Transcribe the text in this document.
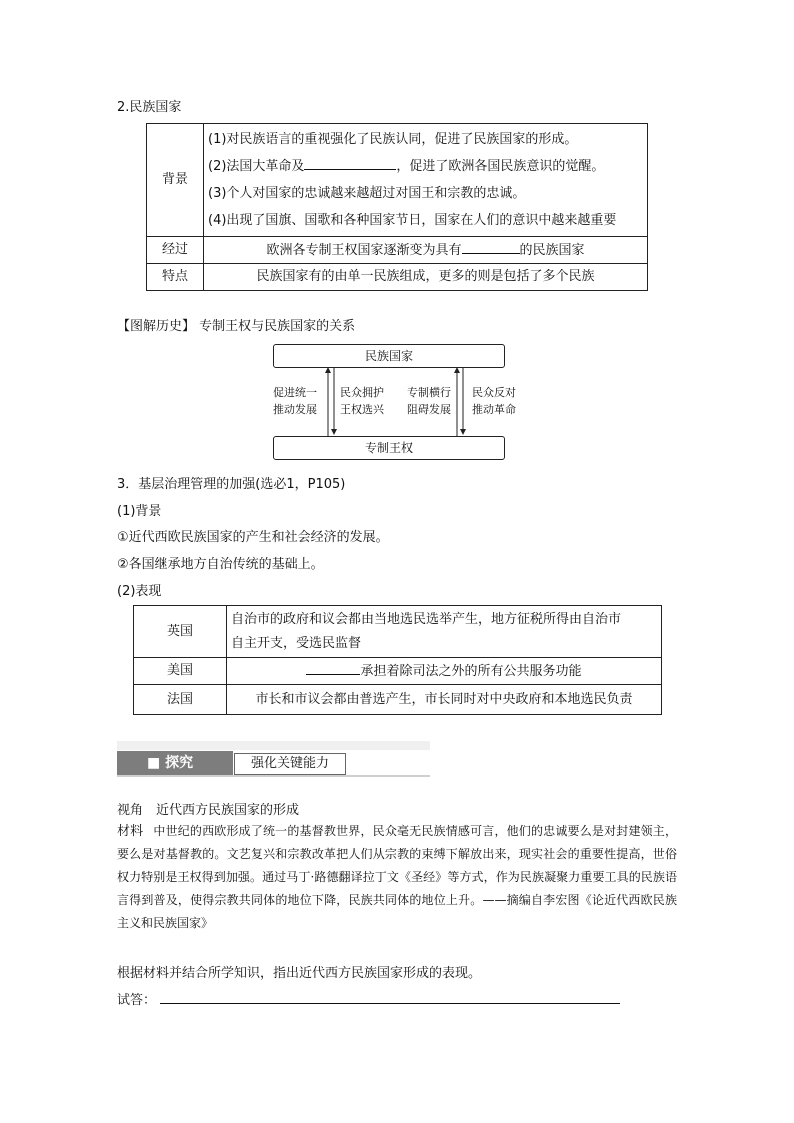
2.民族国家
背景	(1)对民族语言的重视强化了民族认同，促进了民族国家的形成。
(2)法国大革命及 ，促进了欧洲各国民族意识的觉醒。
(3)个人对国家的忠诚越来越超过对国王和宗教的忠诚。
(4)出现了国旗、国歌和各种国家节日，国家在人们的意识中越来越重要

经过	欧洲各专制王权国家逐渐变为具有 的民族国家
特点	民族国家有的由单一民族组成，更多的则是包括了多个民族
【图解历史】 专制王权与民族国家的关系
民族国家
专制王权
促进统一
推动发展
民众拥护
王权选兴
专制横行
阻碍发展
民众反对
推动革命
3．基层治理管理的加强(选必1，P105)
(1)背景
①近代西欧民族国家的产生和社会经济的发展。
②各国继承地方自治传统的基础上。
(2)表现
英国	自治市的政府和议会都由当地选民选举产生，地方征税所得由自治市
自主开支，受选民监督

美国	承担着除司法之外的所有公共服务功能
法国	市长和市议会都由普选产生，市长同时对中央政府和本地选民负责
■ 探究	强化关键能力
视角　近代西方民族国家的形成
材料 中世纪的西欧形成了统一的基督教世界，民众毫无民族情感可言，他们的忠诚要么是对封建领主，要么是对基督教的。文艺复兴和宗教改革把人们从宗教的束缚下解放出来，现实社会的重要性提高，世俗权力特别是王权得到加强。通过马丁·路德翻译拉丁文《圣经》等方式，作为民族凝聚力重要工具的民族语言得到普及，使得宗教共同体的地位下降，民族共同体的地位上升。——摘编自李宏图《论近代西欧民族主义和民族国家》
根据材料并结合所学知识，指出近代西方民族国家形成的表现。
试答：
